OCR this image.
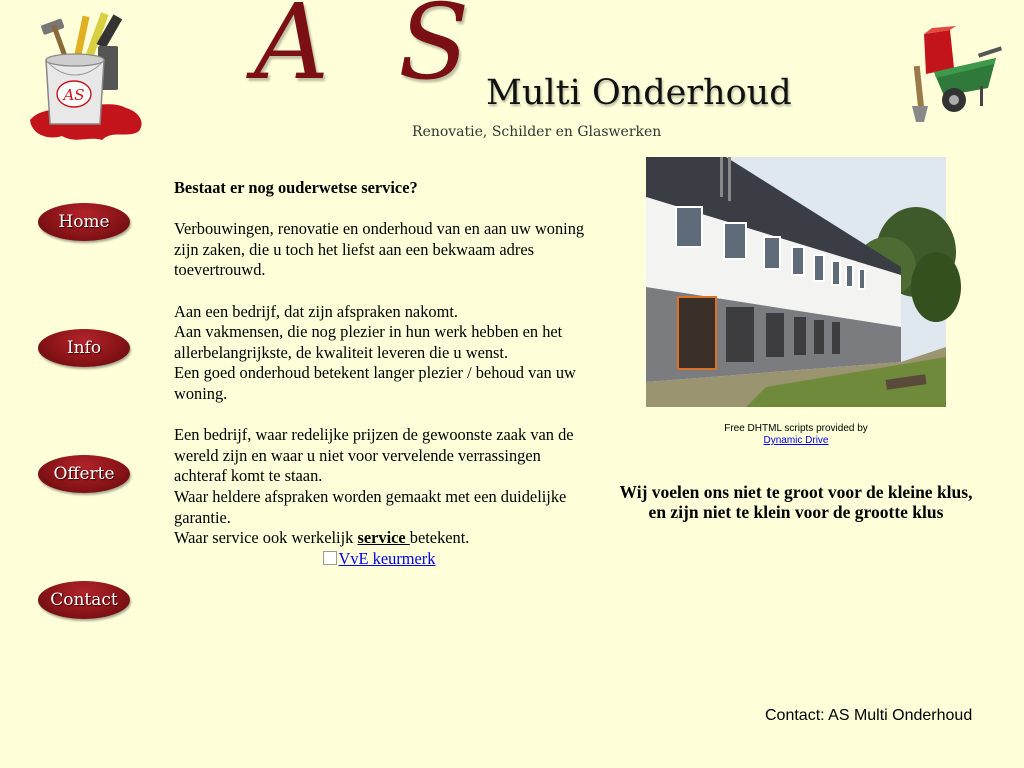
AS A S
Multi Onderhoud
Renovatie, Schilder en Glaswerken
Home
Info
Offerte
Contact

Bestaat er nog ouderwetse service?

Verbouwingen, renovatie en onderhoud van en aan uw woning zijn zaken, die u toch het liefst aan een bekwaam adres toevertrouwd.

Aan een bedrijf, dat zijn afspraken nakomt.

Aan vakmensen, die nog plezier in hun werk hebben en het allerbelangrijkste, de kwaliteit leveren die u wenst.

Een goed onderhoud betekent langer plezier / behoud van uw woning.

Een bedrijf, waar redelijke prijzen de gewoonste zaak van de wereld zijn en waar u niet voor vervelende verrassingen achteraf komt te staan.

Waar heldere afspraken worden gemaakt met een duidelijke garantie.

Waar service ook werkelijk service betekent.

VvE keurmerk
Free DHTML scripts provided by
Dynamic Drive
Wij voelen ons niet te groot voor de kleine klus,
en zijn niet te klein voor de grootte klus
Contact: AS Multi Onderhoud
